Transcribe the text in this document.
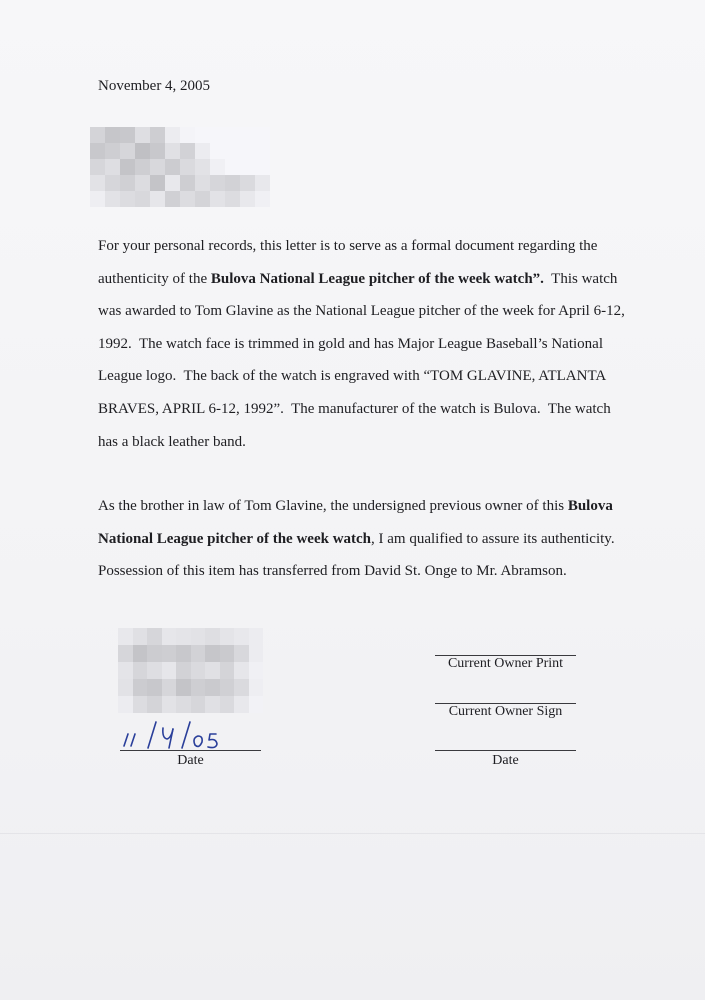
November 4, 2005
For your personal records, this letter is to serve as a formal document regarding the
authenticity of the Bulova National League pitcher of the week watch”.  This watch
was awarded to Tom Glavine as the National League pitcher of the week for April 6-12,
1992.  The watch face is trimmed in gold and has Major League Baseball’s National
League logo.  The back of the watch is engraved with “TOM GLAVINE, ATLANTA
BRAVES, APRIL 6-12, 1992”.  The manufacturer of the watch is Bulova.  The watch
has a black leather band.
As the brother in law of Tom Glavine, the undersigned previous owner of this Bulova
National League pitcher of the week watch, I am qualified to assure its authenticity.
Possession of this item has transferred from David St. Onge to Mr. Abramson.
Date
Current Owner Print
Current Owner Sign
Date
